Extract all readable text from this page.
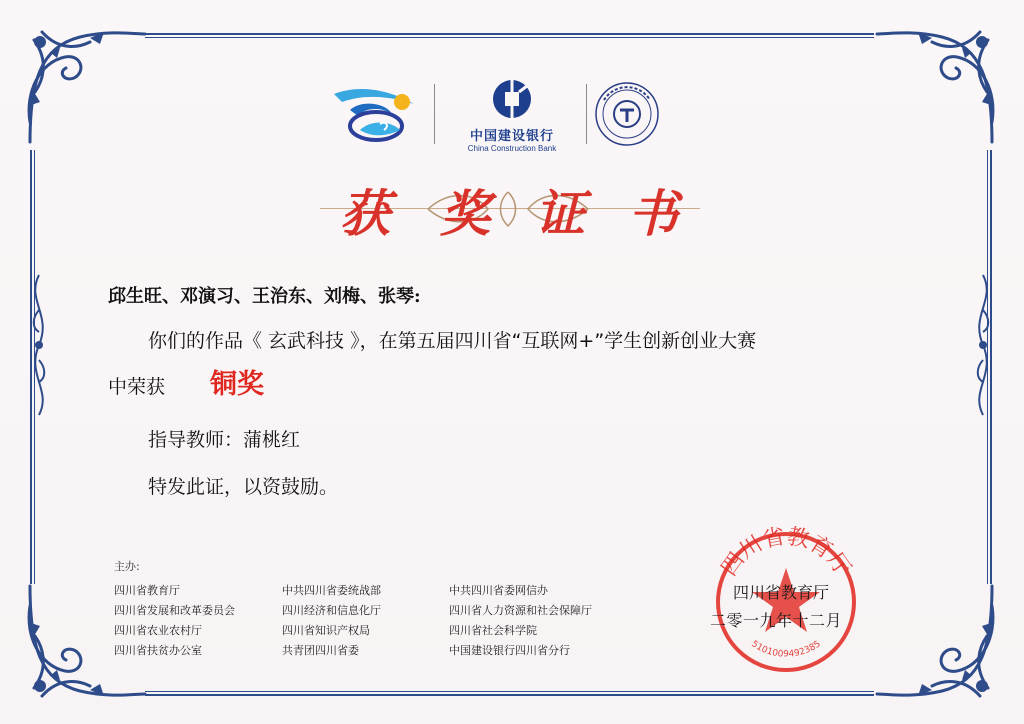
中国建设银行
China Construction Bank
获 奖 证 书
邱生旺、邓演习、王治东、刘梅、张琴:
你们的作品《 玄武科技 》，在第五届四川省“互联网+”学生创新创业大赛
中荣获 铜奖
指导教师：蒲桃红
特发此证，以资鼓励。
主办:
四川省教育厅
四川省发展和改革委员会
四川省农业农村厅
四川省扶贫办公室
中共四川省委统战部
四川经济和信息化厅
四川省知识产权局
共青团四川省委
中共四川省委网信办
四川省人力资源和社会保障厅
四川省社会科学院
中国建设银行四川省分行
四川省教育厅
5101009492385
四川省教育厅
二零一九年十二月
